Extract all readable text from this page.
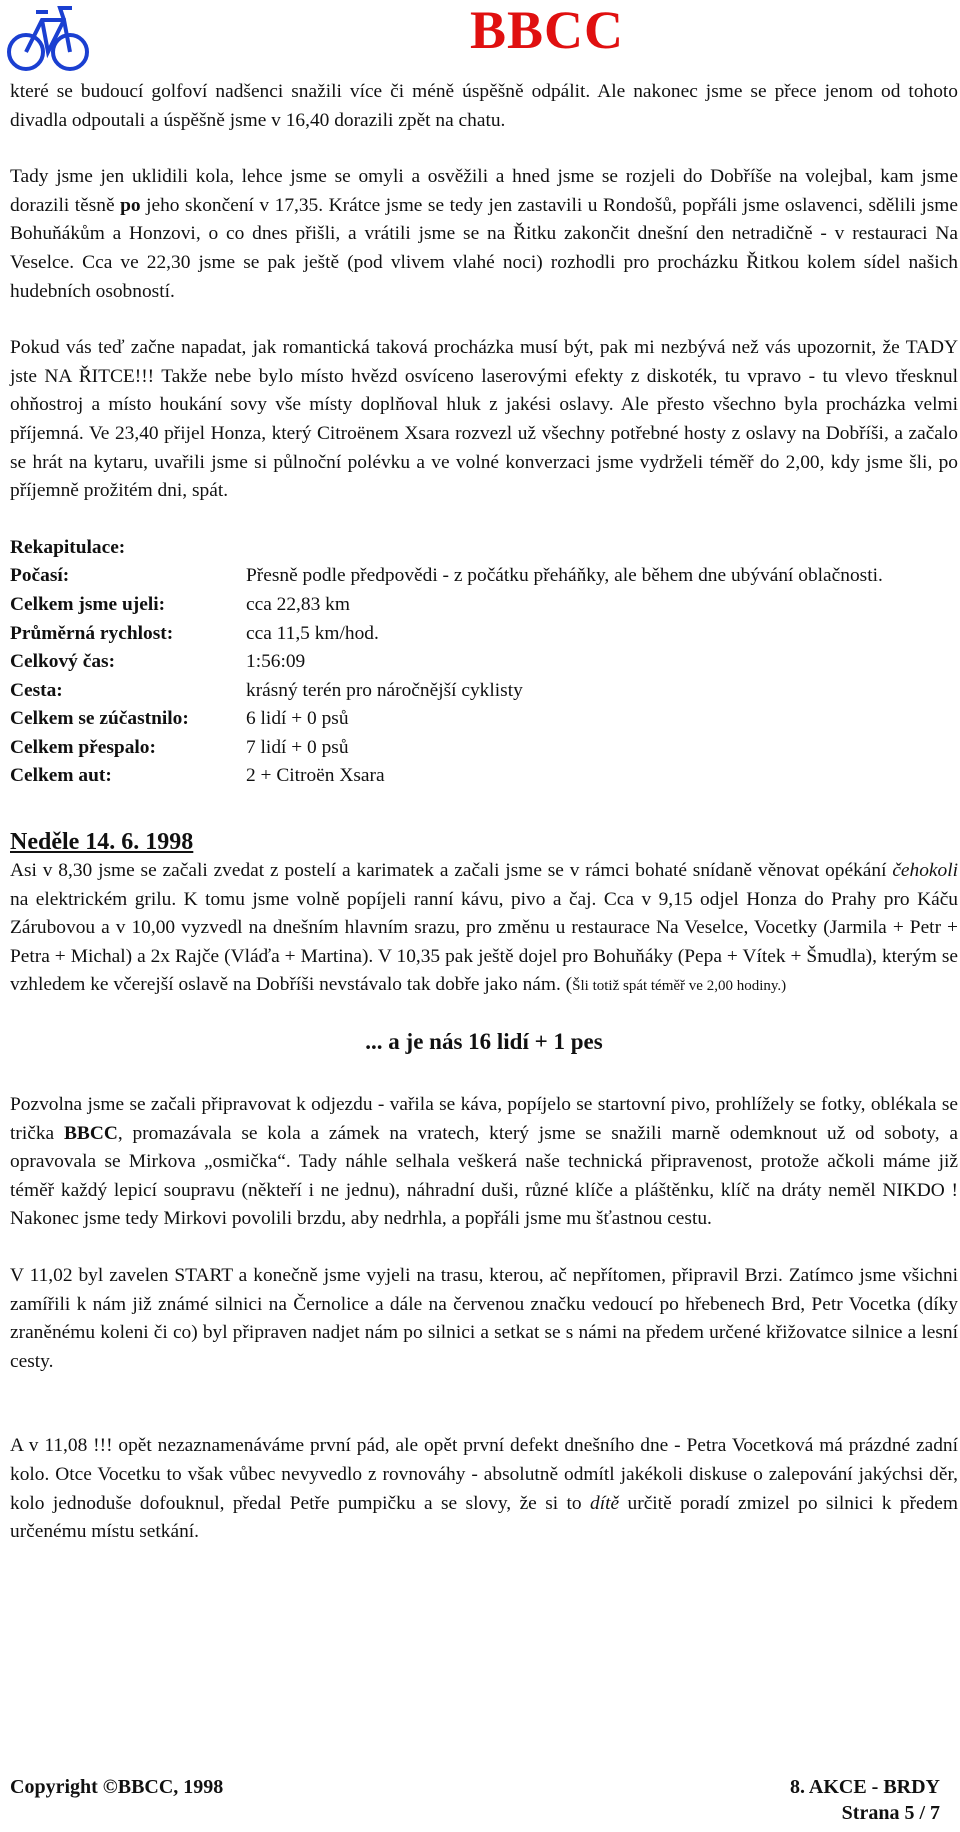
BBCC

které se budoucí golfoví nadšenci snažili více či méně úspěšně odpálit. Ale nakonec jsme se přece jenom od tohoto divadla odpoutali a úspěšně jsme v 16,40 dorazili zpět na chatu.

Tady jsme jen uklidili kola, lehce jsme se omyli a osvěžili a hned jsme se rozjeli do Dobříše na volejbal, kam jsme dorazili těsně po jeho skončení v 17,35. Krátce jsme se tedy jen zastavili u Rondošů, popřáli jsme oslavenci, sdělili jsme Bohuňákům a Honzovi, o co dnes přišli, a vrátili jsme se na Řitku zakončit dnešní den netradičně - v restauraci Na Veselce. Cca ve 22,30 jsme se pak ještě (pod vlivem vlahé noci) rozhodli pro procházku Řitkou kolem sídel našich hudebních osobností.

Pokud vás teď začne napadat, jak romantická taková procházka musí být, pak mi nezbývá než vás upozornit, že TADY jste NA ŘITCE!!! Takže nebe bylo místo hvězd osvíceno laserovými efekty z diskoték, tu vpravo - tu vlevo třesknul ohňostroj a místo houkání sovy vše místy doplňoval hluk z jakési oslavy. Ale přesto všechno byla procházka velmi příjemná. Ve 23,40 přijel Honza, který Citroënem Xsara rozvezl už všechny potřebné hosty z oslavy na Dobříši, a začalo se hrát na kytaru, uvařili jsme si půlnoční polévku a ve volné konverzaci jsme vydrželi téměř do 2,00, kdy jsme šli, po příjemně prožitém dni, spát.

Rekapitulace:
Počasí:	Přesně podle předpovědi - z počátku přeháňky, ale během dne ubývání oblačnosti.
Celkem jsme ujeli:	cca 22,83 km
Průměrná rychlost:	cca 11,5 km/hod.
Celkový čas:	1:56:09
Cesta:	krásný terén pro náročnější cyklisty
Celkem se zúčastnilo:	6 lidí + 0 psů
Celkem přespalo:	7 lidí + 0 psů
Celkem aut:	2 + Citroën Xsara
Neděle 14. 6. 1998

Asi v 8,30 jsme se začali zvedat z postelí a karimatek a začali jsme se v rámci bohaté snídaně věnovat opékání čehokoli na elektrickém grilu. K tomu jsme volně popíjeli ranní kávu, pivo a čaj. Cca v 9,15 odjel Honza do Prahy pro Káču Zárubovou a v 10,00 vyzvedl na dnešním hlavním srazu, pro změnu u restaurace Na Veselce, Vocetky (Jarmila + Petr + Petra + Michal) a 2x Rajče (Vláďa + Martina). V 10,35 pak ještě dojel pro Bohuňáky (Pepa + Vítek + Šmudla), kterým se vzhledem ke včerejší oslavě na Dobříši nevstávalo tak dobře jako nám. (Šli totiž spát téměř ve 2,00 hodiny.)

... a je nás 16 lidí + 1 pes

Pozvolna jsme se začali připravovat k odjezdu - vařila se káva, popíjelo se startovní pivo, prohlížely se fotky, oblékala se trička BBCC, promazávala se kola a zámek na vratech, který jsme se snažili marně odemknout už od soboty, a opravovala se Mirkova „osmička“. Tady náhle selhala veškerá naše technická připravenost, protože ačkoli máme již téměř každý lepicí soupravu (někteří i ne jednu), náhradní duši, různé klíče a pláštěnku, klíč na dráty neměl NIKDO ! Nakonec jsme tedy Mirkovi povolili brzdu, aby nedrhla, a popřáli jsme mu šťastnou cestu.

V 11,02 byl zavelen START a konečně jsme vyjeli na trasu, kterou, ač nepřítomen, připravil Brzi. Zatímco jsme všichni zamířili k nám již známé silnici na Černolice a dále na červenou značku vedoucí po hřebenech Brd, Petr Vocetka (díky zraněnému koleni či co) byl připraven nadjet nám po silnici a setkat se s námi na předem určené křižovatce silnice a lesní cesty.

A v 11,08 !!! opět nezaznamenáváme první pád, ale opět první defekt dnešního dne - Petra Vocetková má prázdné zadní kolo. Otce Vocetku to však vůbec nevyvedlo z rovnováhy - absolutně odmítl jakékoli diskuse o zalepování jakýchsi děr, kolo jednoduše dofouknul, předal Petře pumpičku a se slovy, že si to dítě určitě poradí zmizel po silnici k předem určenému místu setkání.

Copyright ©BBCC, 1998	8. AKCE - BRDY
Strana 5 / 7
